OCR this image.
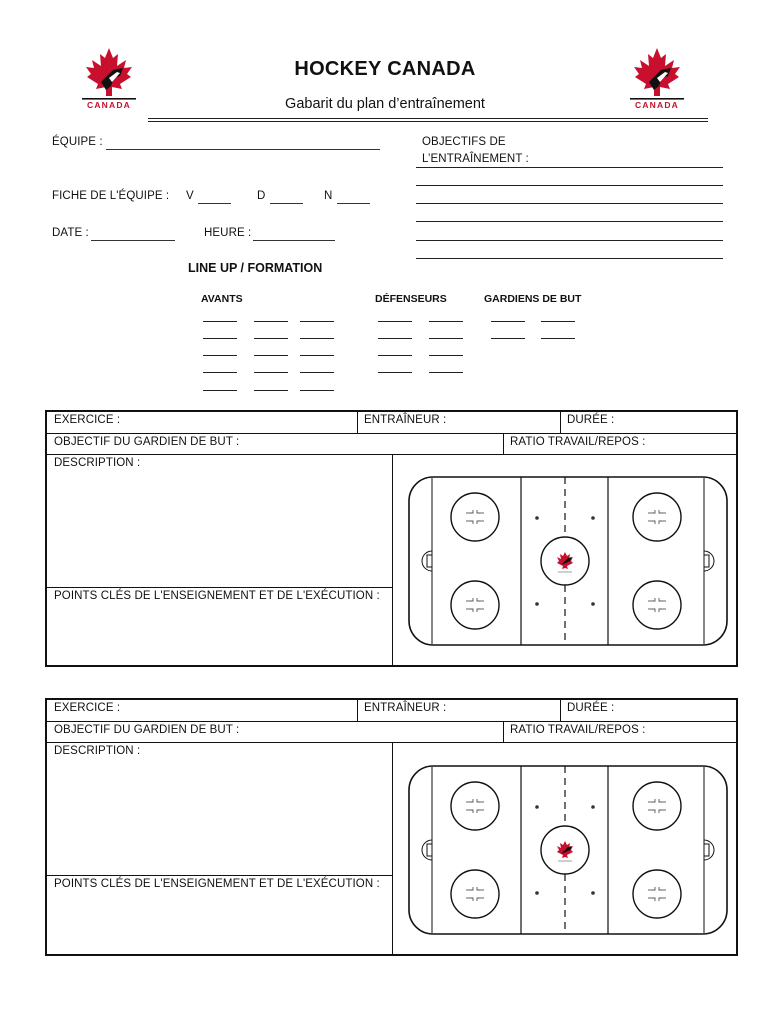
CANADA	CANADA
HOCKEY CANADA
Gabarit du plan d’entraînement
ÉQUIPE :
FICHE DE L'ÉQUIPE : V	D	N
DATE :	HEURE :
OBJECTIFS DE
L’ENTRAÎNEMENT :
LINE UP / FORMATION
AVANTS	DÉFENSEURS	GARDIENS DE BUT
EXERCICE :	ENTRAÎNEUR :	DURÉE :
OBJECTIF DU GARDIEN DE BUT :	RATIO TRAVAIL/REPOS :
DESCRIPTION :
POINTS CLÉS DE L'ENSEIGNEMENT ET DE L'EXÉCUTION :
EXERCICE :	ENTRAÎNEUR :	DURÉE :
OBJECTIF DU GARDIEN DE BUT :	RATIO TRAVAIL/REPOS :
DESCRIPTION :
POINTS CLÉS DE L'ENSEIGNEMENT ET DE L'EXÉCUTION :
